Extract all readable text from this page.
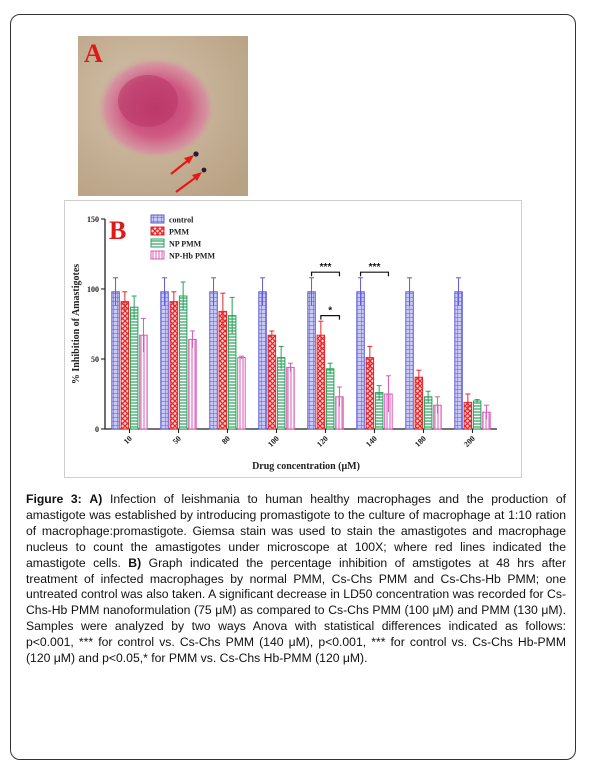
A
B
0
50
100
150
10	50	80	100	120	140	180	200
***	***
*
control
PMM
NP PMM
NP-Hb PMM
% Inhibition of Amastigotes
Drug concentration (μM)

Figure 3: A) Infection of leishmania to human healthy macrophages and the production of amastigote was established by introducing promastigote to the culture of macrophage at 1:10 ration of macrophage:promastigote. Giemsa stain was used to stain the amastigotes and macrophage nucleus to count the amastigotes under microscope at 100X; where red lines indicated the amastigote cells. B) Graph indicated the percentage inhibition of amstigotes at 48 hrs after treatment of infected macrophages by normal PMM, Cs-Chs PMM and Cs-Chs-Hb PMM; one untreated control was also taken. A significant decrease in LD50 concentration was recorded for Cs-Chs-Hb PMM nanoformulation (75 μM) as compared to Cs-Chs PMM (100 μM) and PMM (130 μM). Samples were analyzed by two ways Anova with statistical differences indicated as follows: p<0.001, *** for control vs. Cs-Chs PMM (140 μM), p<0.001, *** for control vs. Cs-Chs Hb-PMM (120 μM) and p<0.05,* for PMM vs. Cs-Chs Hb-PMM (120 μM).
